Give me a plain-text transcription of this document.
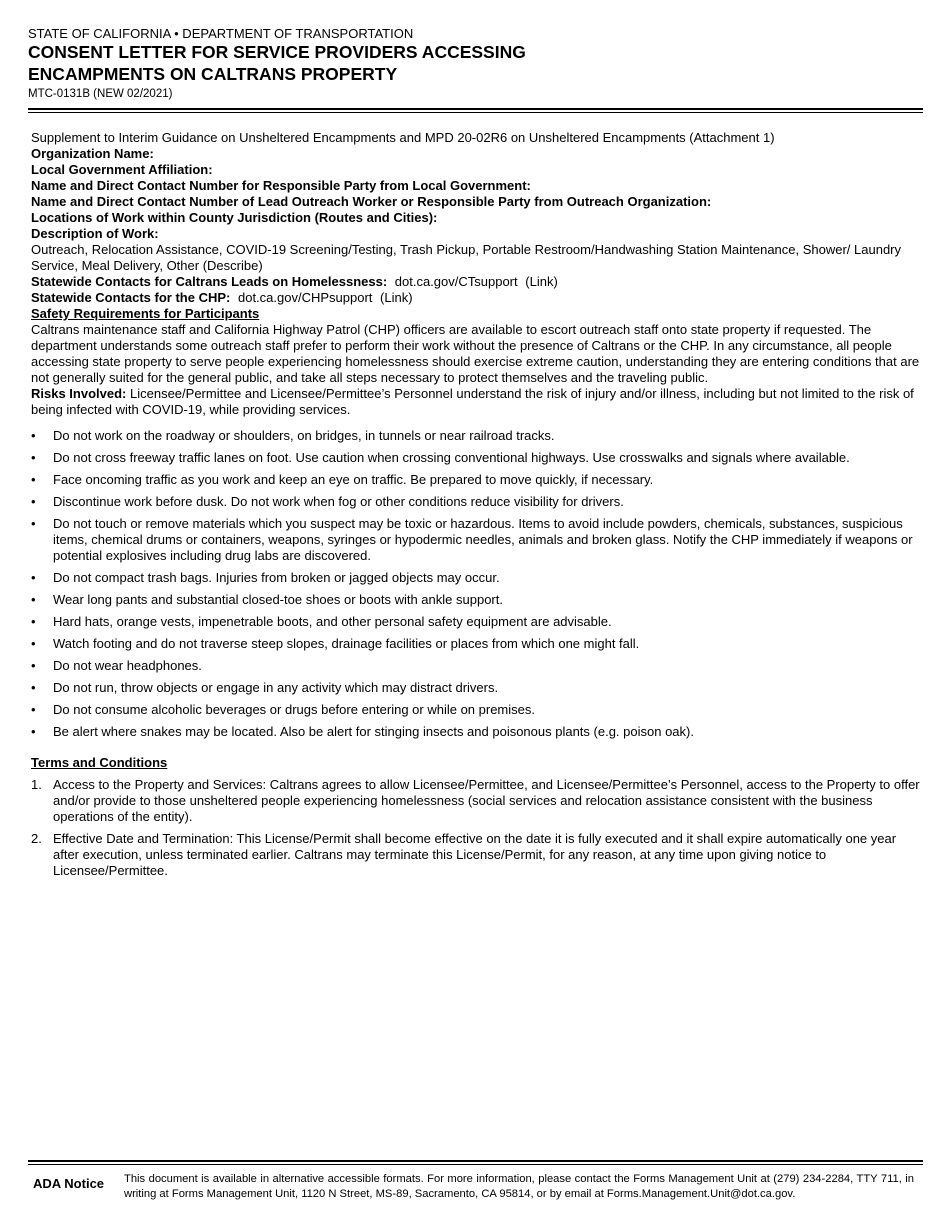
STATE OF CALIFORNIA • DEPARTMENT OF TRANSPORTATION
CONSENT LETTER FOR SERVICE PROVIDERS ACCESSING
ENCAMPMENTS ON CALTRANS PROPERTY
MTC-0131B (NEW 02/2021)

Supplement to Interim Guidance on Unsheltered Encampments and MPD 20-02R6 on Unsheltered Encampments (Attachment 1)

Organization Name:

Local Government Affiliation:

Name and Direct Contact Number for Responsible Party from Local Government:

Name and Direct Contact Number of Lead Outreach Worker or Responsible Party from Outreach Organization:

Locations of Work within County Jurisdiction (Routes and Cities):

Description of Work:

Outreach, Relocation Assistance, COVID-19 Screening/Testing, Trash Pickup, Portable Restroom/Handwashing Station Maintenance, Shower/ Laundry Service, Meal Delivery, Other (Describe)

Statewide Contacts for Caltrans Leads on Homelessness: dot.ca.gov/CTsupport (Link)

Statewide Contacts for the CHP: dot.ca.gov/CHPsupport (Link)

Safety Requirements for Participants

Caltrans maintenance staff and California Highway Patrol (CHP) officers are available to escort outreach staff onto state property if requested. The department understands some outreach staff prefer to perform their work without the presence of Caltrans or the CHP. In any circumstance, all people accessing state property to serve people experiencing homelessness should exercise extreme caution, understanding they are entering conditions that are not generally suited for the general public, and take all steps necessary to protect themselves and the traveling public.

Risks Involved: Licensee/Permittee and Licensee/Permittee’s Personnel understand the risk of injury and/or illness, including but not limited to the risk of being infected with COVID-19, while providing services.

• Do not work on the roadway or shoulders, on bridges, in tunnels or near railroad tracks.
• Do not cross freeway traffic lanes on foot. Use caution when crossing conventional highways. Use crosswalks and signals where available.
• Face oncoming traffic as you work and keep an eye on traffic. Be prepared to move quickly, if necessary.
• Discontinue work before dusk. Do not work when fog or other conditions reduce visibility for drivers.
• Do not touch or remove materials which you suspect may be toxic or hazardous. Items to avoid include powders, chemicals, substances, suspicious items, chemical drums or containers, weapons, syringes or hypodermic needles, animals and broken glass. Notify the CHP immediately if weapons or potential explosives including drug labs are discovered.
• Do not compact trash bags. Injuries from broken or jagged objects may occur.
• Wear long pants and substantial closed-toe shoes or boots with ankle support.
• Hard hats, orange vests, impenetrable boots, and other personal safety equipment are advisable.
• Watch footing and do not traverse steep slopes, drainage facilities or places from which one might fall.
• Do not wear headphones.
• Do not run, throw objects or engage in any activity which may distract drivers.
• Do not consume alcoholic beverages or drugs before entering or while on premises.
• Be alert where snakes may be located. Also be alert for stinging insects and poisonous plants (e.g. poison oak).

Terms and Conditions

1. Access to the Property and Services: Caltrans agrees to allow Licensee/Permittee, and Licensee/Permittee’s Personnel, access to the Property to offer and/or provide to those unsheltered people experiencing homelessness (social services and relocation assistance consistent with the business operations of the entity).
2. Effective Date and Termination: This License/Permit shall become effective on the date it is fully executed and it shall expire automatically one year after execution, unless terminated earlier. Caltrans may terminate this License/Permit, for any reason, at any time upon giving notice to Licensee/Permittee.
ADA Notice This document is available in alternative accessible formats. For more information, please contact the Forms Management Unit at (279) 234-2284, TTY 711, in writing at Forms Management Unit, 1120 N Street, MS-89, Sacramento, CA 95814, or by email at Forms.Management.Unit@dot.ca.gov.
